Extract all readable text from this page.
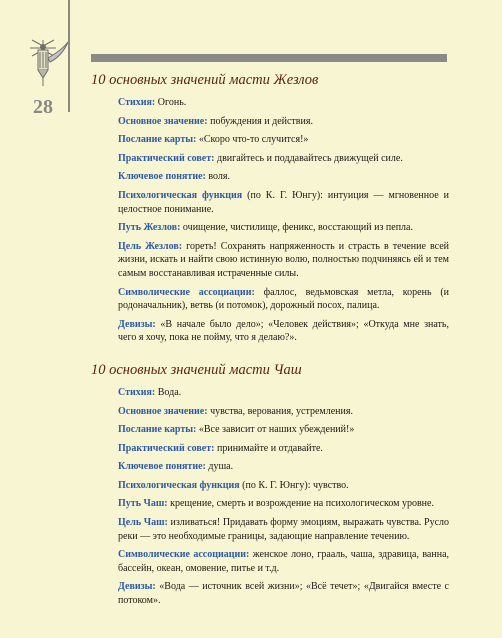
28
10 основных значений масти Жезлов

Стихия: Огонь.

Основное значение: побуждения и действия.

Послание карты: «Скоро что-то случится!»

Практический совет: двигайтесь и поддавайтесь движущей силе.

Ключевое понятие: воля.

Психологическая функция (по К. Г. Юнгу): интуиция — мгновенное и целостное понимание.

Путь Жезлов: очищение, чистилище, феникс, восстающий из пепла.

Цель Жезлов: гореть! Сохранять напряженность и страсть в течение всей жизни, искать и найти свою истинную волю, полностью подчиняясь ей и тем самым восстанавливая истраченные силы.

Символические ассоциации: фаллос, ведьмовская метла, корень (и родоначальник), ветвь (и потомок), дорожный посох, палица.

Девизы: «В начале было дело»; «Человек действия»; «Откуда мне знать, чего я хочу, пока не пойму, что я делаю?».

10 основных значений масти Чаш

Стихия: Вода.

Основное значение: чувства, верования, устремления.

Послание карты: «Все зависит от наших убеждений!»

Практический совет: принимайте и отдавайте.

Ключевое понятие: душа.

Психологическая функция (по К. Г. Юнгу): чувство.

Путь Чаш: крещение, смерть и возрождение на психологическом уровне.

Цель Чаш: изливаться! Придавать форму эмоциям, выражать чувства. Русло реки — это необходимые границы, задающие направление течению.

Символические ассоциации: женское лоно, грааль, чаша, здравица, ванна, бассейн, океан, омовение, питье и т.д.

Девизы: «Вода — источник всей жизни»; «Всё течет»; «Двигайся вместе с потоком».
